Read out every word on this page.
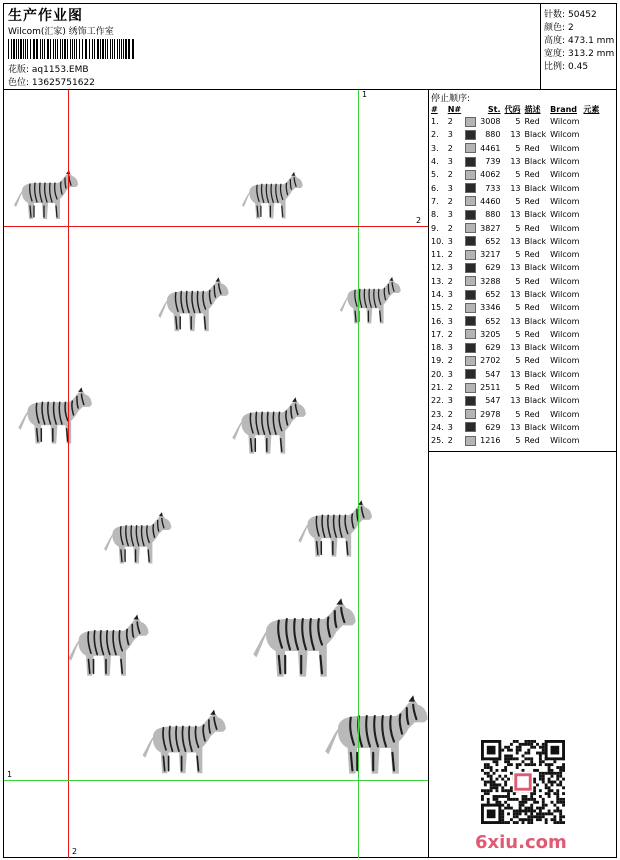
生产作业图
Wilcom(汇家) 绣饰工作室
花版: aq1153.EMB
色位: 13625751622
针数: 50452
颜色: 2
高度: 473.1 mm
宽度: 313.2 mm
比例: 0.45
2
1
2
1
停止顺序:
#	N#		St.	代码	描述	Brand	元素
1.	2		3008	5	Red	Wilcom	
2.	3		880	13	Black	Wilcom	
3.	2		4461	5	Red	Wilcom	
4.	3		739	13	Black	Wilcom	
5.	2		4062	5	Red	Wilcom	
6.	3		733	13	Black	Wilcom	
7.	2		4460	5	Red	Wilcom	
8.	3		880	13	Black	Wilcom	
9.	2		3827	5	Red	Wilcom	
10.	3		652	13	Black	Wilcom	
11.	2		3217	5	Red	Wilcom	
12.	3		629	13	Black	Wilcom	
13.	2		3288	5	Red	Wilcom	
14.	3		652	13	Black	Wilcom	
15.	2		3346	5	Red	Wilcom	
16.	3		652	13	Black	Wilcom	
17.	2		3205	5	Red	Wilcom	
18.	3		629	13	Black	Wilcom	
19.	2		2702	5	Red	Wilcom	
20.	3		547	13	Black	Wilcom	
21.	2		2511	5	Red	Wilcom	
22.	3		547	13	Black	Wilcom	
23.	2		2978	5	Red	Wilcom	
24.	3		629	13	Black	Wilcom	
25.	2		1216	5	Red	Wilcom	
6xiu.com
